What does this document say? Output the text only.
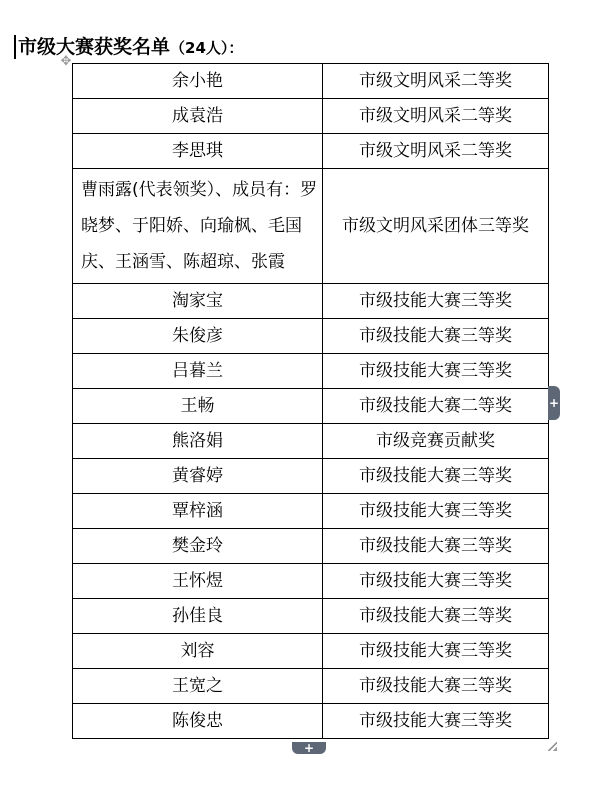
市级大赛获奖名单（24人）：
✥
余小艳	市级文明风采二等奖
成袁浩	市级文明风采二等奖
李思琪	市级文明风采二等奖
曹雨露(代表领奖）、成员有：罗晓梦、于阳娇、向瑜枫、毛国庆、王涵雪、陈超琼、张霞	市级文明风采团体三等奖
淘家宝	市级技能大赛三等奖
朱俊彦	市级技能大赛三等奖
吕暮兰	市级技能大赛三等奖
王畅	市级技能大赛二等奖
熊洛娟	市级竞赛贡献奖
黄睿婷	市级技能大赛三等奖
覃梓涵	市级技能大赛三等奖
樊金玲	市级技能大赛三等奖
王怀煜	市级技能大赛三等奖
孙佳良	市级技能大赛三等奖
刘容	市级技能大赛三等奖
王宽之	市级技能大赛三等奖
陈俊忠	市级技能大赛三等奖
+
+
